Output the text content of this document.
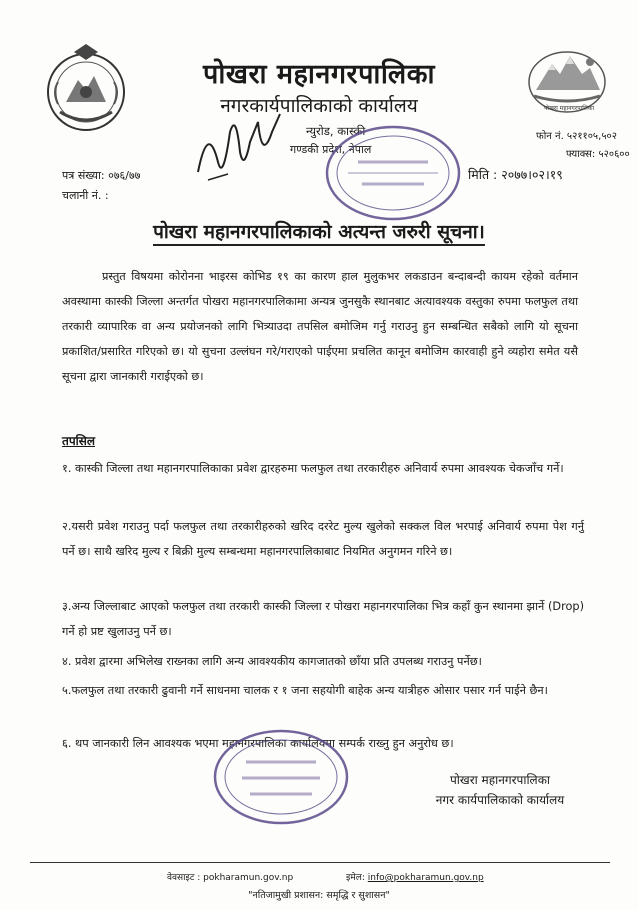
पोखरा महानगरपालिका
पोखरा महानगरपालिका
नगरकार्यपालिकाको कार्यालय
न्युरोड, कास्की
गण्डकी प्रदेश, नेपाल
फोन नं. ५२११०५,५०२
फ्याक्स: ५२०६००
पत्र संख्या: ०७६/७७
चलानी नं. :
मिति : २०७७।०२।१९
पोखरा महानगरपालिकाको अत्यन्त जरुरी सूचना।
प्रस्तुत विषयमा कोरोनना भाइरस कोभिड १९ का कारण हाल मुलुकभर लकडाउन बन्दाबन्दी कायम रहेको वर्तमान अवस्थामा कास्की जिल्ला अन्तर्गत पोखरा महानगरपालिकामा अन्यत्र जुनसुकै स्थानबाट अत्यावश्यक वस्तुका रुपमा फलफुल तथा तरकारी व्यापारिक वा अन्य प्रयोजनको लागि भित्र्याउदा तपसिल बमोजिम गर्नु गराउनु हुन सम्बन्धित सबैको लागि यो सूचना प्रकाशित/प्रसारित गरिएको छ। यो सुचना उल्लंघन गरे/गराएको पाईएमा प्रचलित कानून बमोजिम कारवाही हुने व्यहोरा समेत यसै सूचना द्वारा जानकारी गराईएको छ।
तपसिल
१. कास्की जिल्ला तथा महानगरपालिकाका प्रवेश द्वारहरुमा फलफुल तथा तरकारीहरु अनिवार्य रुपमा आवश्यक चेकजाँच गर्ने।
२.यसरी प्रवेश गराउनु पर्दा फलफुल तथा तरकारीहरुको खरिद दररेट मुल्य खुलेको सक्कल विल भरपाई अनिवार्य रुपमा पेश गर्नु पर्ने छ। साथै खरिद मुल्य र बिक्री मुल्य सम्बन्धमा महानगरपालिकाबाट नियमित अनुगमन गरिने छ।
३.अन्य जिल्लाबाट आएको फलफुल तथा तरकारी कास्की जिल्ला र पोखरा महानगरपालिका भित्र कहाँ कुन स्थानमा झार्ने (Drop) गर्ने हो प्रष्ट खुलाउनु पर्ने छ।
४. प्रवेश द्वारमा अभिलेख राख्नका लागि अन्य आवश्यकीय कागजातको छाँया प्रति उपलब्ध गराउनु पर्नेछ।
५.फलफुल तथा तरकारी ढुवानी गर्ने साधनमा चालक र १ जना सहयोगी बाहेक अन्य यात्रीहरु ओसार पसार गर्न पाईने छैन।
६. थप जानकारी लिन आवश्यक भएमा महानगरपालिका कार्यालयमा सम्पर्क राख्नु हुन अनुरोध छ।
पोखरा महानगरपालिका
नगर कार्यपालिकाको कार्यालय
वेवसाइट : pokharamun.gov.np	इमेल: info@pokharamun.gov.np
"नतिजामुखी प्रशासन: समृद्धि र सुशासन"
